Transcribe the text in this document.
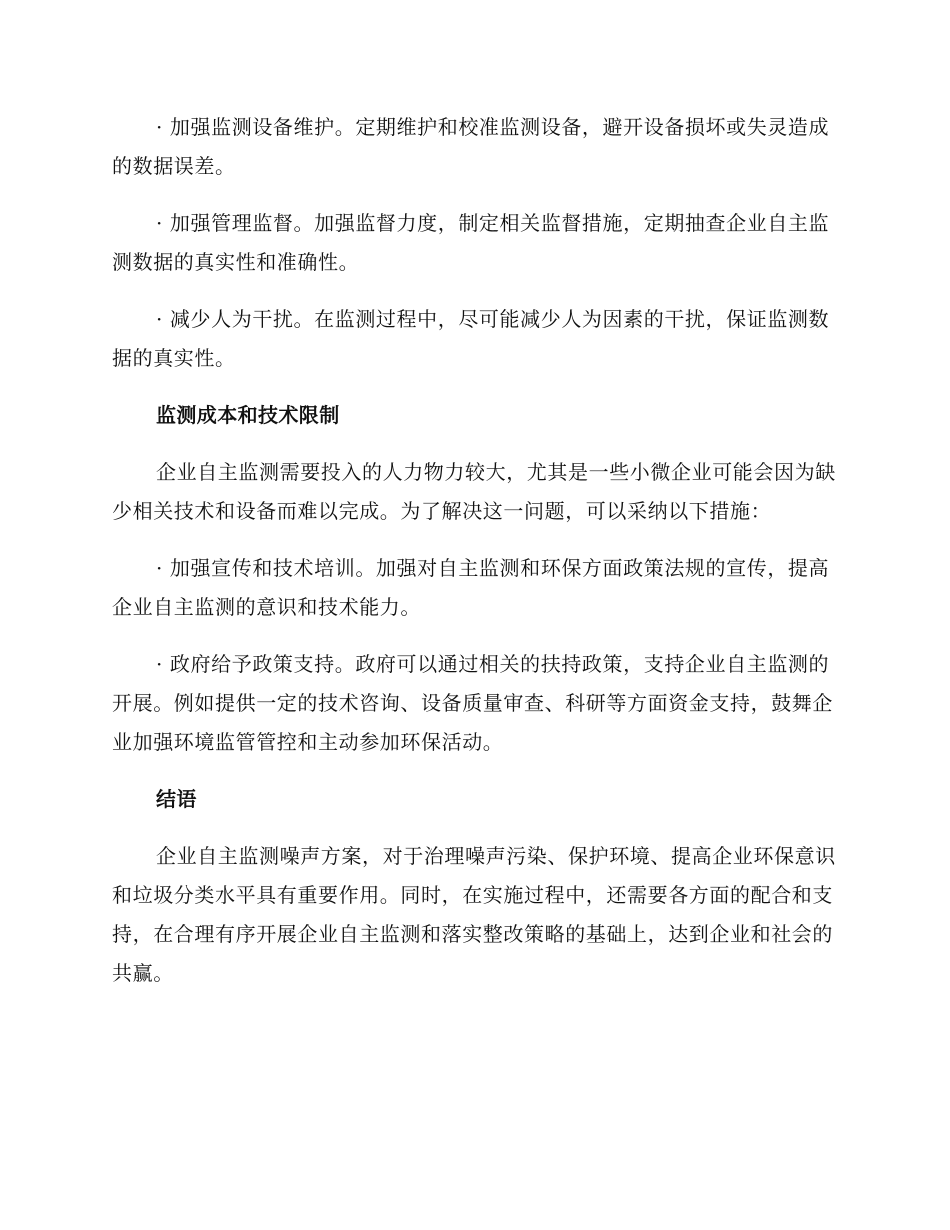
· 加强监测设备维护。定期维护和校准监测设备，避开设备损坏或失灵造成的数据误差。

· 加强管理监督。加强监督力度，制定相关监督措施，定期抽查企业自主监测数据的真实性和准确性。

· 减少人为干扰。在监测过程中，尽可能减少人为因素的干扰，保证监测数据的真实性。

监测成本和技术限制

企业自主监测需要投入的人力物力较大，尤其是一些小微企业可能会因为缺少相关技术和设备而难以完成。为了解决这一问题，可以采纳以下措施：

· 加强宣传和技术培训。加强对自主监测和环保方面政策法规的宣传，提高企业自主监测的意识和技术能力。

· 政府给予政策支持。政府可以通过相关的扶持政策，支持企业自主监测的开展。例如提供一定的技术咨询、设备质量审查、科研等方面资金支持，鼓舞企业加强环境监管管控和主动参加环保活动。

结语

企业自主监测噪声方案，对于治理噪声污染、保护环境、提高企业环保意识和垃圾分类水平具有重要作用。同时，在实施过程中，还需要各方面的配合和支持，在合理有序开展企业自主监测和落实整改策略的基础上，达到企业和社会的共赢。
